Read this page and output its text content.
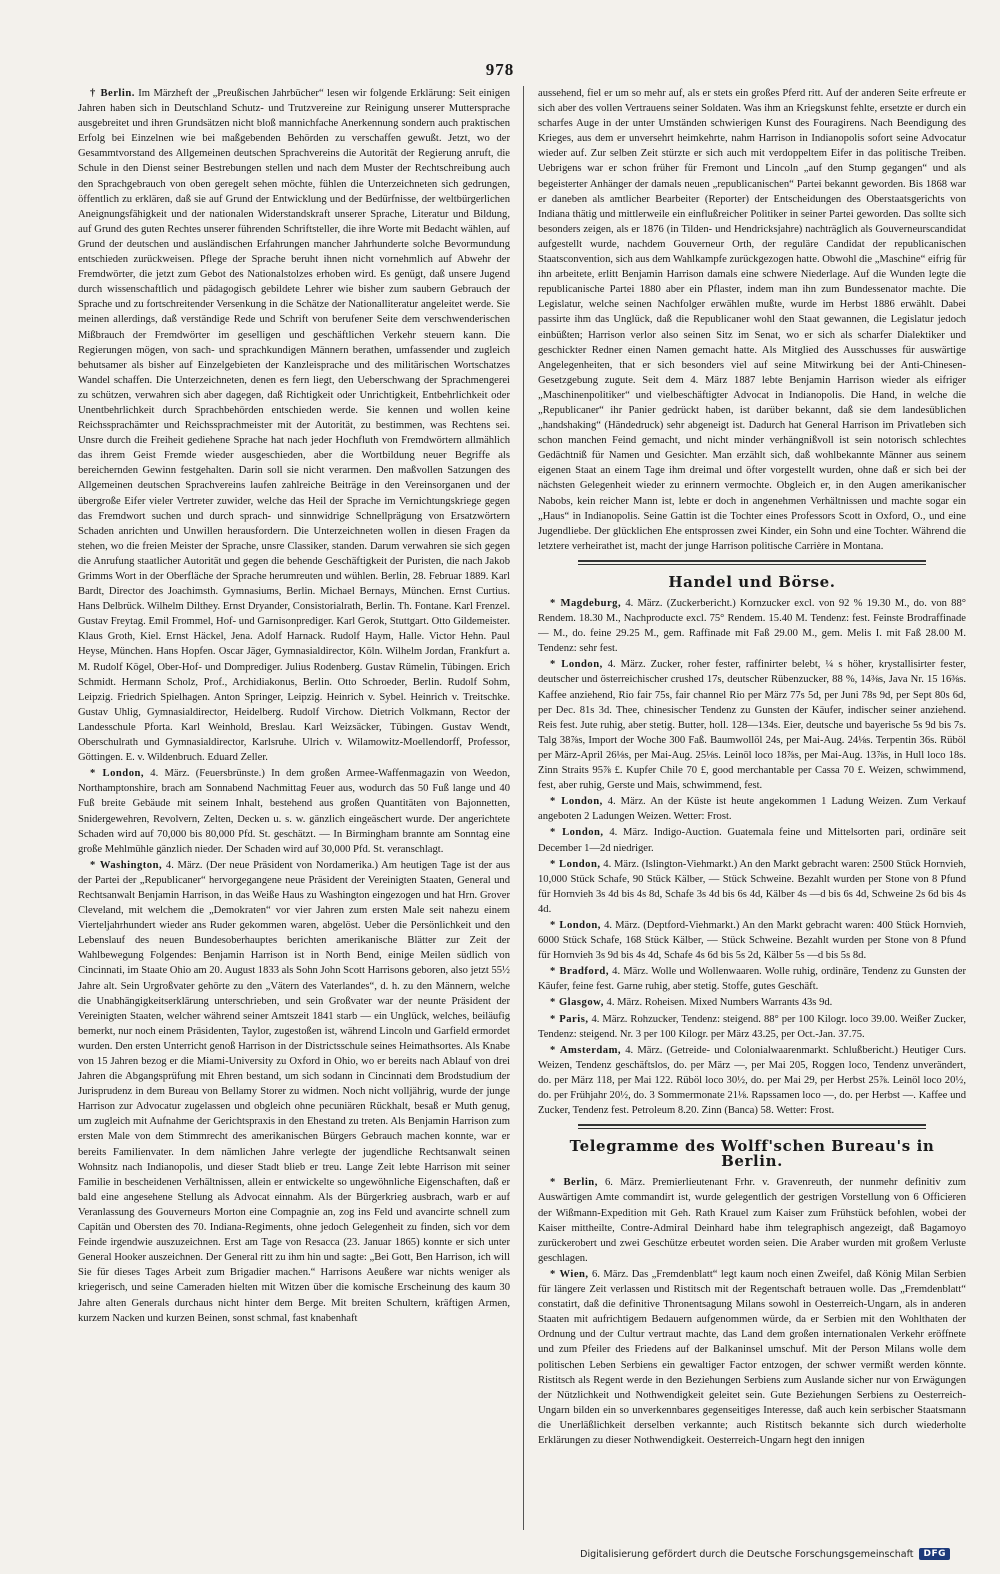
978

† Berlin. Im Märzheft der „Preußischen Jahrbücher“ lesen wir folgende Erklärung: Seit einigen Jahren haben sich in Deutschland Schutz- und Trutzvereine zur Reinigung unserer Muttersprache ausgebreitet und ihren Grundsätzen nicht bloß mannichfache Anerkennung sondern auch praktischen Erfolg bei Einzelnen wie bei maßgebenden Behörden zu verschaffen gewußt. Jetzt, wo der Gesammtvorstand des Allgemeinen deutschen Sprachvereins die Autorität der Regierung anruft, die Schule in den Dienst seiner Bestrebungen stellen und nach dem Muster der Rechtschreibung auch den Sprachgebrauch von oben geregelt sehen möchte, fühlen die Unterzeichneten sich gedrungen, öffentlich zu erklären, daß sie auf Grund der Entwicklung und der Bedürfnisse, der weltbürgerlichen Aneignungsfähigkeit und der nationalen Widerstandskraft unserer Sprache, Literatur und Bildung, auf Grund des guten Rechtes unserer führenden Schriftsteller, die ihre Worte mit Bedacht wählen, auf Grund der deutschen und ausländischen Erfahrungen mancher Jahrhunderte solche Bevormundung entschieden zurückweisen. Pflege der Sprache beruht ihnen nicht vornehmlich auf Abwehr der Fremdwörter, die jetzt zum Gebot des Nationalstolzes erhoben wird. Es genügt, daß unsere Jugend durch wissenschaftlich und pädagogisch gebildete Lehrer wie bisher zum saubern Gebrauch der Sprache und zu fortschreitender Versenkung in die Schätze der Nationalliteratur angeleitet werde. Sie meinen allerdings, daß verständige Rede und Schrift von berufener Seite dem verschwenderischen Mißbrauch der Fremdwörter im geselligen und geschäftlichen Verkehr steuern kann. Die Regierungen mögen, von sach- und sprachkundigen Männern berathen, umfassender und zugleich behutsamer als bisher auf Einzelgebieten der Kanzleisprache und des militärischen Wortschatzes Wandel schaffen. Die Unterzeichneten, denen es fern liegt, den Ueberschwang der Sprachmengerei zu schützen, verwahren sich aber dagegen, daß Richtigkeit oder Unrichtigkeit, Entbehrlichkeit oder Unentbehrlichkeit durch Sprachbehörden entschieden werde. Sie kennen und wollen keine Reichssprachämter und Reichssprachmeister mit der Autorität, zu bestimmen, was Rechtens sei. Unsre durch die Freiheit gediehene Sprache hat nach jeder Hochfluth von Fremdwörtern allmählich das ihrem Geist Fremde wieder ausgeschieden, aber die Wortbildung neuer Begriffe als bereichernden Gewinn festgehalten. Darin soll sie nicht verarmen. Den maßvollen Satzungen des Allgemeinen deutschen Sprachvereins laufen zahlreiche Beiträge in den Vereinsorganen und der übergroße Eifer vieler Vertreter zuwider, welche das Heil der Sprache im Vernichtungskriege gegen das Fremdwort suchen und durch sprach- und sinnwidrige Schnellprägung von Ersatzwörtern Schaden anrichten und Unwillen herausfordern. Die Unterzeichneten wollen in diesen Fragen da stehen, wo die freien Meister der Sprache, unsre Classiker, standen. Darum verwahren sie sich gegen die Anrufung staatlicher Autorität und gegen die behende Geschäftigkeit der Puristen, die nach Jakob Grimms Wort in der Oberfläche der Sprache herumreuten und wühlen. Berlin, 28. Februar 1889. Karl Bardt, Director des Joachimsth. Gymnasiums, Berlin. Michael Bernays, München. Ernst Curtius. Hans Delbrück. Wilhelm Dilthey. Ernst Dryander, Consistorialrath, Berlin. Th. Fontane. Karl Frenzel. Gustav Freytag. Emil Frommel, Hof- und Garnisonprediger. Karl Gerok, Stuttgart. Otto Gildemeister. Klaus Groth, Kiel. Ernst Häckel, Jena. Adolf Harnack. Rudolf Haym, Halle. Victor Hehn. Paul Heyse, München. Hans Hopfen. Oscar Jäger, Gymnasialdirector, Köln. Wilhelm Jordan, Frankfurt a. M. Rudolf Kögel, Ober-Hof- und Domprediger. Julius Rodenberg. Gustav Rümelin, Tübingen. Erich Schmidt. Hermann Scholz, Prof., Archidiakonus, Berlin. Otto Schroeder, Berlin. Rudolf Sohm, Leipzig. Friedrich Spielhagen. Anton Springer, Leipzig. Heinrich v. Sybel. Heinrich v. Treitschke. Gustav Uhlig, Gymnasialdirector, Heidelberg. Rudolf Virchow. Dietrich Volkmann, Rector der Landesschule Pforta. Karl Weinhold, Breslau. Karl Weizsäcker, Tübingen. Gustav Wendt, Oberschulrath und Gymnasialdirector, Karlsruhe. Ulrich v. Wilamowitz-Moellendorff, Professor, Göttingen. E. v. Wildenbruch. Eduard Zeller.

* London, 4. März. (Feuersbrünste.) In dem großen Armee-Waffenmagazin von Weedon, Northamptonshire, brach am Sonnabend Nachmittag Feuer aus, wodurch das 50 Fuß lange und 40 Fuß breite Gebäude mit seinem Inhalt, bestehend aus großen Quantitäten von Bajonnetten, Snidergewehren, Revolvern, Zelten, Decken u. s. w. gänzlich eingeäschert wurde. Der angerichtete Schaden wird auf 70,000 bis 80,000 Pfd. St. geschätzt. — In Birmingham brannte am Sonntag eine große Mehlmühle gänzlich nieder. Der Schaden wird auf 30,000 Pfd. St. veranschlagt.

* Washington, 4. März. (Der neue Präsident von Nordamerika.) Am heutigen Tage ist der aus der Partei der „Republicaner“ hervorgegangene neue Präsident der Vereinigten Staaten, General und Rechtsanwalt Benjamin Harrison, in das Weiße Haus zu Washington eingezogen und hat Hrn. Grover Cleveland, mit welchem die „Demokraten“ vor vier Jahren zum ersten Male seit nahezu einem Vierteljahrhundert wieder ans Ruder gekommen waren, abgelöst. Ueber die Persönlichkeit und den Lebenslauf des neuen Bundesoberhauptes berichten amerikanische Blätter zur Zeit der Wahlbewegung Folgendes: Benjamin Harrison ist in North Bend, einige Meilen südlich von Cincinnati, im Staate Ohio am 20. August 1833 als Sohn John Scott Harrisons geboren, also jetzt 55½ Jahre alt. Sein Urgroßvater gehörte zu den „Vätern des Vaterlandes“, d. h. zu den Männern, welche die Unabhängigkeitserklärung unterschrieben, und sein Großvater war der neunte Präsident der Vereinigten Staaten, welcher während seiner Amtszeit 1841 starb — ein Unglück, welches, beiläufig bemerkt, nur noch einem Präsidenten, Taylor, zugestoßen ist, während Lincoln und Garfield ermordet wurden. Den ersten Unterricht genoß Harrison in der Districtsschule seines Heimathsortes. Als Knabe von 15 Jahren bezog er die Miami-University zu Oxford in Ohio, wo er bereits nach Ablauf von drei Jahren die Abgangsprüfung mit Ehren bestand, um sich sodann in Cincinnati dem Brodstudium der Jurisprudenz in dem Bureau von Bellamy Storer zu widmen. Noch nicht volljährig, wurde der junge Harrison zur Advocatur zugelassen und obgleich ohne pecuniären Rückhalt, besaß er Muth genug, um zugleich mit Aufnahme der Gerichtspraxis in den Ehestand zu treten. Als Benjamin Harrison zum ersten Male von dem Stimmrecht des amerikanischen Bürgers Gebrauch machen konnte, war er bereits Familienvater. In dem nämlichen Jahre verlegte der jugendliche Rechtsanwalt seinen Wohnsitz nach Indianopolis, und dieser Stadt blieb er treu. Lange Zeit lebte Harrison mit seiner Familie in bescheidenen Verhältnissen, allein er entwickelte so ungewöhnliche Eigenschaften, daß er bald eine angesehene Stellung als Advocat einnahm. Als der Bürgerkrieg ausbrach, warb er auf Veranlassung des Gouverneurs Morton eine Compagnie an, zog ins Feld und avancirte schnell zum Capitän und Obersten des 70. Indiana-Regiments, ohne jedoch Gelegenheit zu finden, sich vor dem Feinde irgendwie auszuzeichnen. Erst am Tage von Resacca (23. Januar 1865) konnte er sich unter General Hooker auszeichnen. Der General ritt zu ihm hin und sagte: „Bei Gott, Ben Harrison, ich will Sie für dieses Tages Arbeit zum Brigadier machen.“ Harrisons Aeußere war nichts weniger als kriegerisch, und seine Cameraden hielten mit Witzen über die komische Erscheinung des kaum 30 Jahre alten Generals durchaus nicht hinter dem Berge. Mit breiten Schultern, kräftigen Armen, kurzem Nacken und kurzen Beinen, sonst schmal, fast knabenhaft

aussehend, fiel er um so mehr auf, als er stets ein großes Pferd ritt. Auf der anderen Seite erfreute er sich aber des vollen Vertrauens seiner Soldaten. Was ihm an Kriegskunst fehlte, ersetzte er durch ein scharfes Auge in der unter Umständen schwierigen Kunst des Fouragirens. Nach Beendigung des Krieges, aus dem er unversehrt heimkehrte, nahm Harrison in Indianopolis sofort seine Advocatur wieder auf. Zur selben Zeit stürzte er sich auch mit verdoppeltem Eifer in das politische Treiben. Uebrigens war er schon früher für Fremont und Lincoln „auf den Stump gegangen“ und als begeisterter Anhänger der damals neuen „republicanischen“ Partei bekannt geworden. Bis 1868 war er daneben als amtlicher Bearbeiter (Reporter) der Entscheidungen des Oberstaatsgerichts von Indiana thätig und mittlerweile ein einflußreicher Politiker in seiner Partei geworden. Das sollte sich besonders zeigen, als er 1876 (in Tilden- und Hendricksjahre) nachträglich als Gouverneurscandidat aufgestellt wurde, nachdem Gouverneur Orth, der reguläre Candidat der republicanischen Staatsconvention, sich aus dem Wahlkampfe zurückgezogen hatte. Obwohl die „Maschine“ eifrig für ihn arbeitete, erlitt Benjamin Harrison damals eine schwere Niederlage. Auf die Wunden legte die republicanische Partei 1880 aber ein Pflaster, indem man ihn zum Bundessenator machte. Die Legislatur, welche seinen Nachfolger erwählen mußte, wurde im Herbst 1886 erwählt. Dabei passirte ihm das Unglück, daß die Republicaner wohl den Staat gewannen, die Legislatur jedoch einbüßten; Harrison verlor also seinen Sitz im Senat, wo er sich als scharfer Dialektiker und geschickter Redner einen Namen gemacht hatte. Als Mitglied des Ausschusses für auswärtige Angelegenheiten, that er sich besonders viel auf seine Mitwirkung bei der Anti-Chinesen-Gesetzgebung zugute. Seit dem 4. März 1887 lebte Benjamin Harrison wieder als eifriger „Maschinenpolitiker“ und vielbeschäftigter Advocat in Indianopolis. Die Hand, in welche die „Republicaner“ ihr Panier gedrückt haben, ist darüber bekannt, daß sie dem landesüblichen „handshaking“ (Händedruck) sehr abgeneigt ist. Dadurch hat General Harrison im Privatleben sich schon manchen Feind gemacht, und nicht minder verhängnißvoll ist sein notorisch schlechtes Gedächtniß für Namen und Gesichter. Man erzählt sich, daß wohlbekannte Männer aus seinem eigenen Staat an einem Tage ihm dreimal und öfter vorgestellt wurden, ohne daß er sich bei der nächsten Gelegenheit wieder zu erinnern vermochte. Obgleich er, in den Augen amerikanischer Nabobs, kein reicher Mann ist, lebte er doch in angenehmen Verhältnissen und machte sogar ein „Haus“ in Indianopolis. Seine Gattin ist die Tochter eines Professors Scott in Oxford, O., und eine Jugendliebe. Der glücklichen Ehe entsprossen zwei Kinder, ein Sohn und eine Tochter. Während die letztere verheirathet ist, macht der junge Harrison politische Carrière in Montana.

Handel und Börse.

* Magdeburg, 4. März. (Zuckerbericht.) Kornzucker excl. von 92 % 19.30 M., do. von 88° Rendem. 18.30 M., Nachproducte excl. 75° Rendem. 15.40 M. Tendenz: fest. Feinste Brodraffinade — M., do. feine 29.25 M., gem. Raffinade mit Faß 29.00 M., gem. Melis I. mit Faß 28.00 M. Tendenz: sehr fest.

* London, 4. März. Zucker, roher fester, raffinirter belebt, ¼ s höher, krystallisirter fester, deutscher und österreichischer crushed 17s, deutscher Rübenzucker, 88 %, 14⅜s, Java Nr. 15 16⅜s. Kaffee anziehend, Rio fair 75s, fair channel Rio per März 77s 5d, per Juni 78s 9d, per Sept 80s 6d, per Dec. 81s 3d. Thee, chinesischer Tendenz zu Gunsten der Käufer, indischer seiner anziehend. Reis fest. Jute ruhig, aber stetig. Butter, holl. 128—134s. Eier, deutsche und bayerische 5s 9d bis 7s. Talg 38⅞s, Import der Woche 300 Faß. Baumwollöl 24s, per Mai-Aug. 24⅛s. Terpentin 36s. Rüböl per März-April 26⅛s, per Mai-Aug. 25⅛s. Leinöl loco 18⅞s, per Mai-Aug. 13⅞s, in Hull loco 18s. Zinn Straits 95⅞ £. Kupfer Chile 70 £, good merchantable per Cassa 70 £. Weizen, schwimmend, fest, aber ruhig, Gerste und Mais, schwimmend, fest.

* London, 4. März. An der Küste ist heute angekommen 1 Ladung Weizen. Zum Verkauf angeboten 2 Ladungen Weizen. Wetter: Frost.

* London, 4. März. Indigo-Auction. Guatemala feine und Mittelsorten pari, ordinäre seit December 1—2d niedriger.

* London, 4. März. (Islington-Viehmarkt.) An den Markt gebracht waren: 2500 Stück Hornvieh, 10,000 Stück Schafe, 90 Stück Kälber, — Stück Schweine. Bezahlt wurden per Stone von 8 Pfund für Hornvieh 3s 4d bis 4s 8d, Schafe 3s 4d bis 6s 4d, Kälber 4s —d bis 6s 4d, Schweine 2s 6d bis 4s 4d.

* London, 4. März. (Deptford-Viehmarkt.) An den Markt gebracht waren: 400 Stück Hornvieh, 6000 Stück Schafe, 168 Stück Kälber, — Stück Schweine. Bezahlt wurden per Stone von 8 Pfund für Hornvieh 3s 9d bis 4s 4d, Schafe 4s 6d bis 5s 2d, Kälber 5s —d bis 5s 8d.

* Bradford, 4. März. Wolle und Wollenwaaren. Wolle ruhig, ordinäre, Tendenz zu Gunsten der Käufer, feine fest. Garne ruhig, aber stetig. Stoffe, gutes Geschäft.

* Glasgow, 4. März. Roheisen. Mixed Numbers Warrants 43s 9d.

* Paris, 4. März. Rohzucker, Tendenz: steigend. 88° per 100 Kilogr. loco 39.00. Weißer Zucker, Tendenz: steigend. Nr. 3 per 100 Kilogr. per März 43.25, per Oct.-Jan. 37.75.

* Amsterdam, 4. März. (Getreide- und Colonialwaarenmarkt. Schlußbericht.) Heutiger Curs. Weizen, Tendenz geschäftslos, do. per März —, per Mai 205, Roggen loco, Tendenz unverändert, do. per März 118, per Mai 122. Rüböl loco 30½, do. per Mai 29, per Herbst 25⅞. Leinöl loco 20½, do. per Frühjahr 20½, do. 3 Sommermonate 21⅛. Rapssamen loco —, do. per Herbst —. Kaffee und Zucker, Tendenz fest. Petroleum 8.20. Zinn (Banca) 58. Wetter: Frost.

Telegramme des Wolff'schen Bureau's in Berlin.

* Berlin, 6. März. Premierlieutenant Frhr. v. Gravenreuth, der nunmehr definitiv zum Auswärtigen Amte commandirt ist, wurde gelegentlich der gestrigen Vorstellung von 6 Officieren der Wißmann-Expedition mit Geh. Rath Krauel zum Kaiser zum Frühstück befohlen, wobei der Kaiser mittheilte, Contre-Admiral Deinhard habe ihm telegraphisch angezeigt, daß Bagamoyo zurückerobert und zwei Geschütze erbeutet worden seien. Die Araber wurden mit großem Verluste geschlagen.

* Wien, 6. März. Das „Fremdenblatt“ legt kaum noch einen Zweifel, daß König Milan Serbien für längere Zeit verlassen und Ristitsch mit der Regentschaft betrauen wolle. Das „Fremdenblatt“ constatirt, daß die definitive Thronentsagung Milans sowohl in Oesterreich-Ungarn, als in anderen Staaten mit aufrichtigem Bedauern aufgenommen würde, da er Serbien mit den Wohlthaten der Ordnung und der Cultur vertraut machte, das Land dem großen internationalen Verkehr eröffnete und zum Pfeiler des Friedens auf der Balkaninsel umschuf. Mit der Person Milans wolle dem politischen Leben Serbiens ein gewaltiger Factor entzogen, der schwer vermißt werden könnte. Ristitsch als Regent werde in den Beziehungen Serbiens zum Auslande sicher nur von Erwägungen der Nützlichkeit und Nothwendigkeit geleitet sein. Gute Beziehungen Serbiens zu Oesterreich-Ungarn bilden ein so unverkennbares gegenseitiges Interesse, daß auch kein serbischer Staatsmann die Unerläßlichkeit derselben verkannte; auch Ristitsch bekannte sich durch wiederholte Erklärungen zu dieser Nothwendigkeit. Oesterreich-Ungarn hegt den innigen

Digitalisierung gefördert durch die Deutsche Forschungsgemeinschaft	DFG
